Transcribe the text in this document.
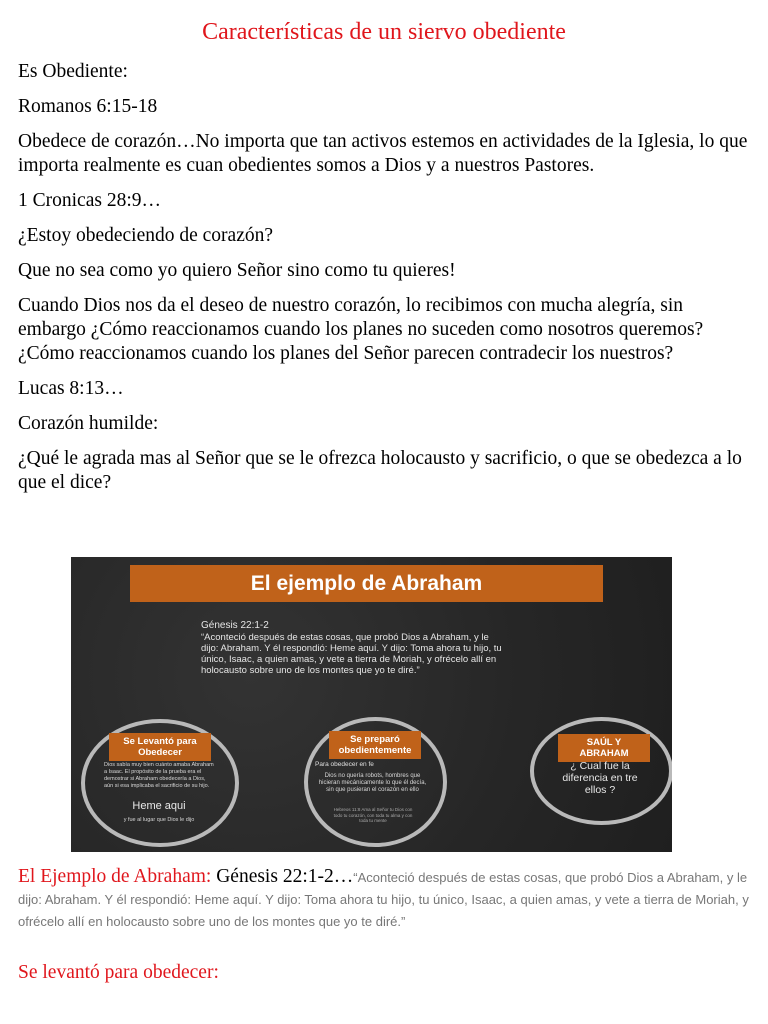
Características de un siervo obediente

Es Obediente:

Romanos 6:15-18

Obedece de corazón…No importa que tan activos estemos en actividades de la Iglesia, lo que importa realmente es cuan obedientes somos a Dios y a nuestros Pastores.

1 Cronicas 28:9…

¿Estoy obedeciendo de corazón?

Que no sea como yo quiero Señor sino como tu quieres!

Cuando Dios nos da el deseo de nuestro corazón, lo recibimos con mucha alegría, sin embargo ¿Cómo reaccionamos cuando los planes no suceden como nosotros queremos? ¿Cómo reaccionamos cuando los planes del Señor parecen contradecir los nuestros?

Lucas 8:13…

Corazón humilde:

¿Qué le agrada mas al Señor que se le ofrezca holocausto y sacrificio, o que se obedezca a lo que el dice?

El ejemplo de Abraham
Génesis 22:1-2
“Aconteció después de estas cosas, que probó Dios a Abraham, y le dijo: Abraham. Y él respondió: Heme aquí. Y dijo: Toma ahora tu hijo, tu único, Isaac, a quien amas, y vete a tierra de Moriah, y ofrécelo allí en holocausto sobre uno de los montes que yo te diré.”
Se Levantó para Obedecer
Dios sabía muy bien cuánto amaba Abraham a Isaac. El propósito de la prueba era el demostrar si Abraham obedecería a Dios, aún si esa implicaba el sacrificio de su hijo.
Heme aqui
y fue al lugar que Dios le dijo
Se preparó obedientemente
Para obedecer en fe
Dios no quería robots, hombres que hicieran mecánicamente lo que él decía, sin que pusieran el corazón en ello
Hebreos 11:8 Ama al Señor tu Dios con todo tu corazón, con toda tu alma y con toda tu mente
SAÚL Y ABRAHAM
¿ Cual fue la diferencia en tre ellos ?
El Ejemplo de Abraham: Génesis 22:1-2…“Aconteció después de estas cosas, que probó Dios a Abraham, y le dijo: Abraham. Y él respondió: Heme aquí. Y dijo: Toma ahora tu hijo, tu único, Isaac, a quien amas, y vete a tierra de Moriah, y ofrécelo allí en holocausto sobre uno de los montes que yo te diré.”
Se levantó para obedecer:
